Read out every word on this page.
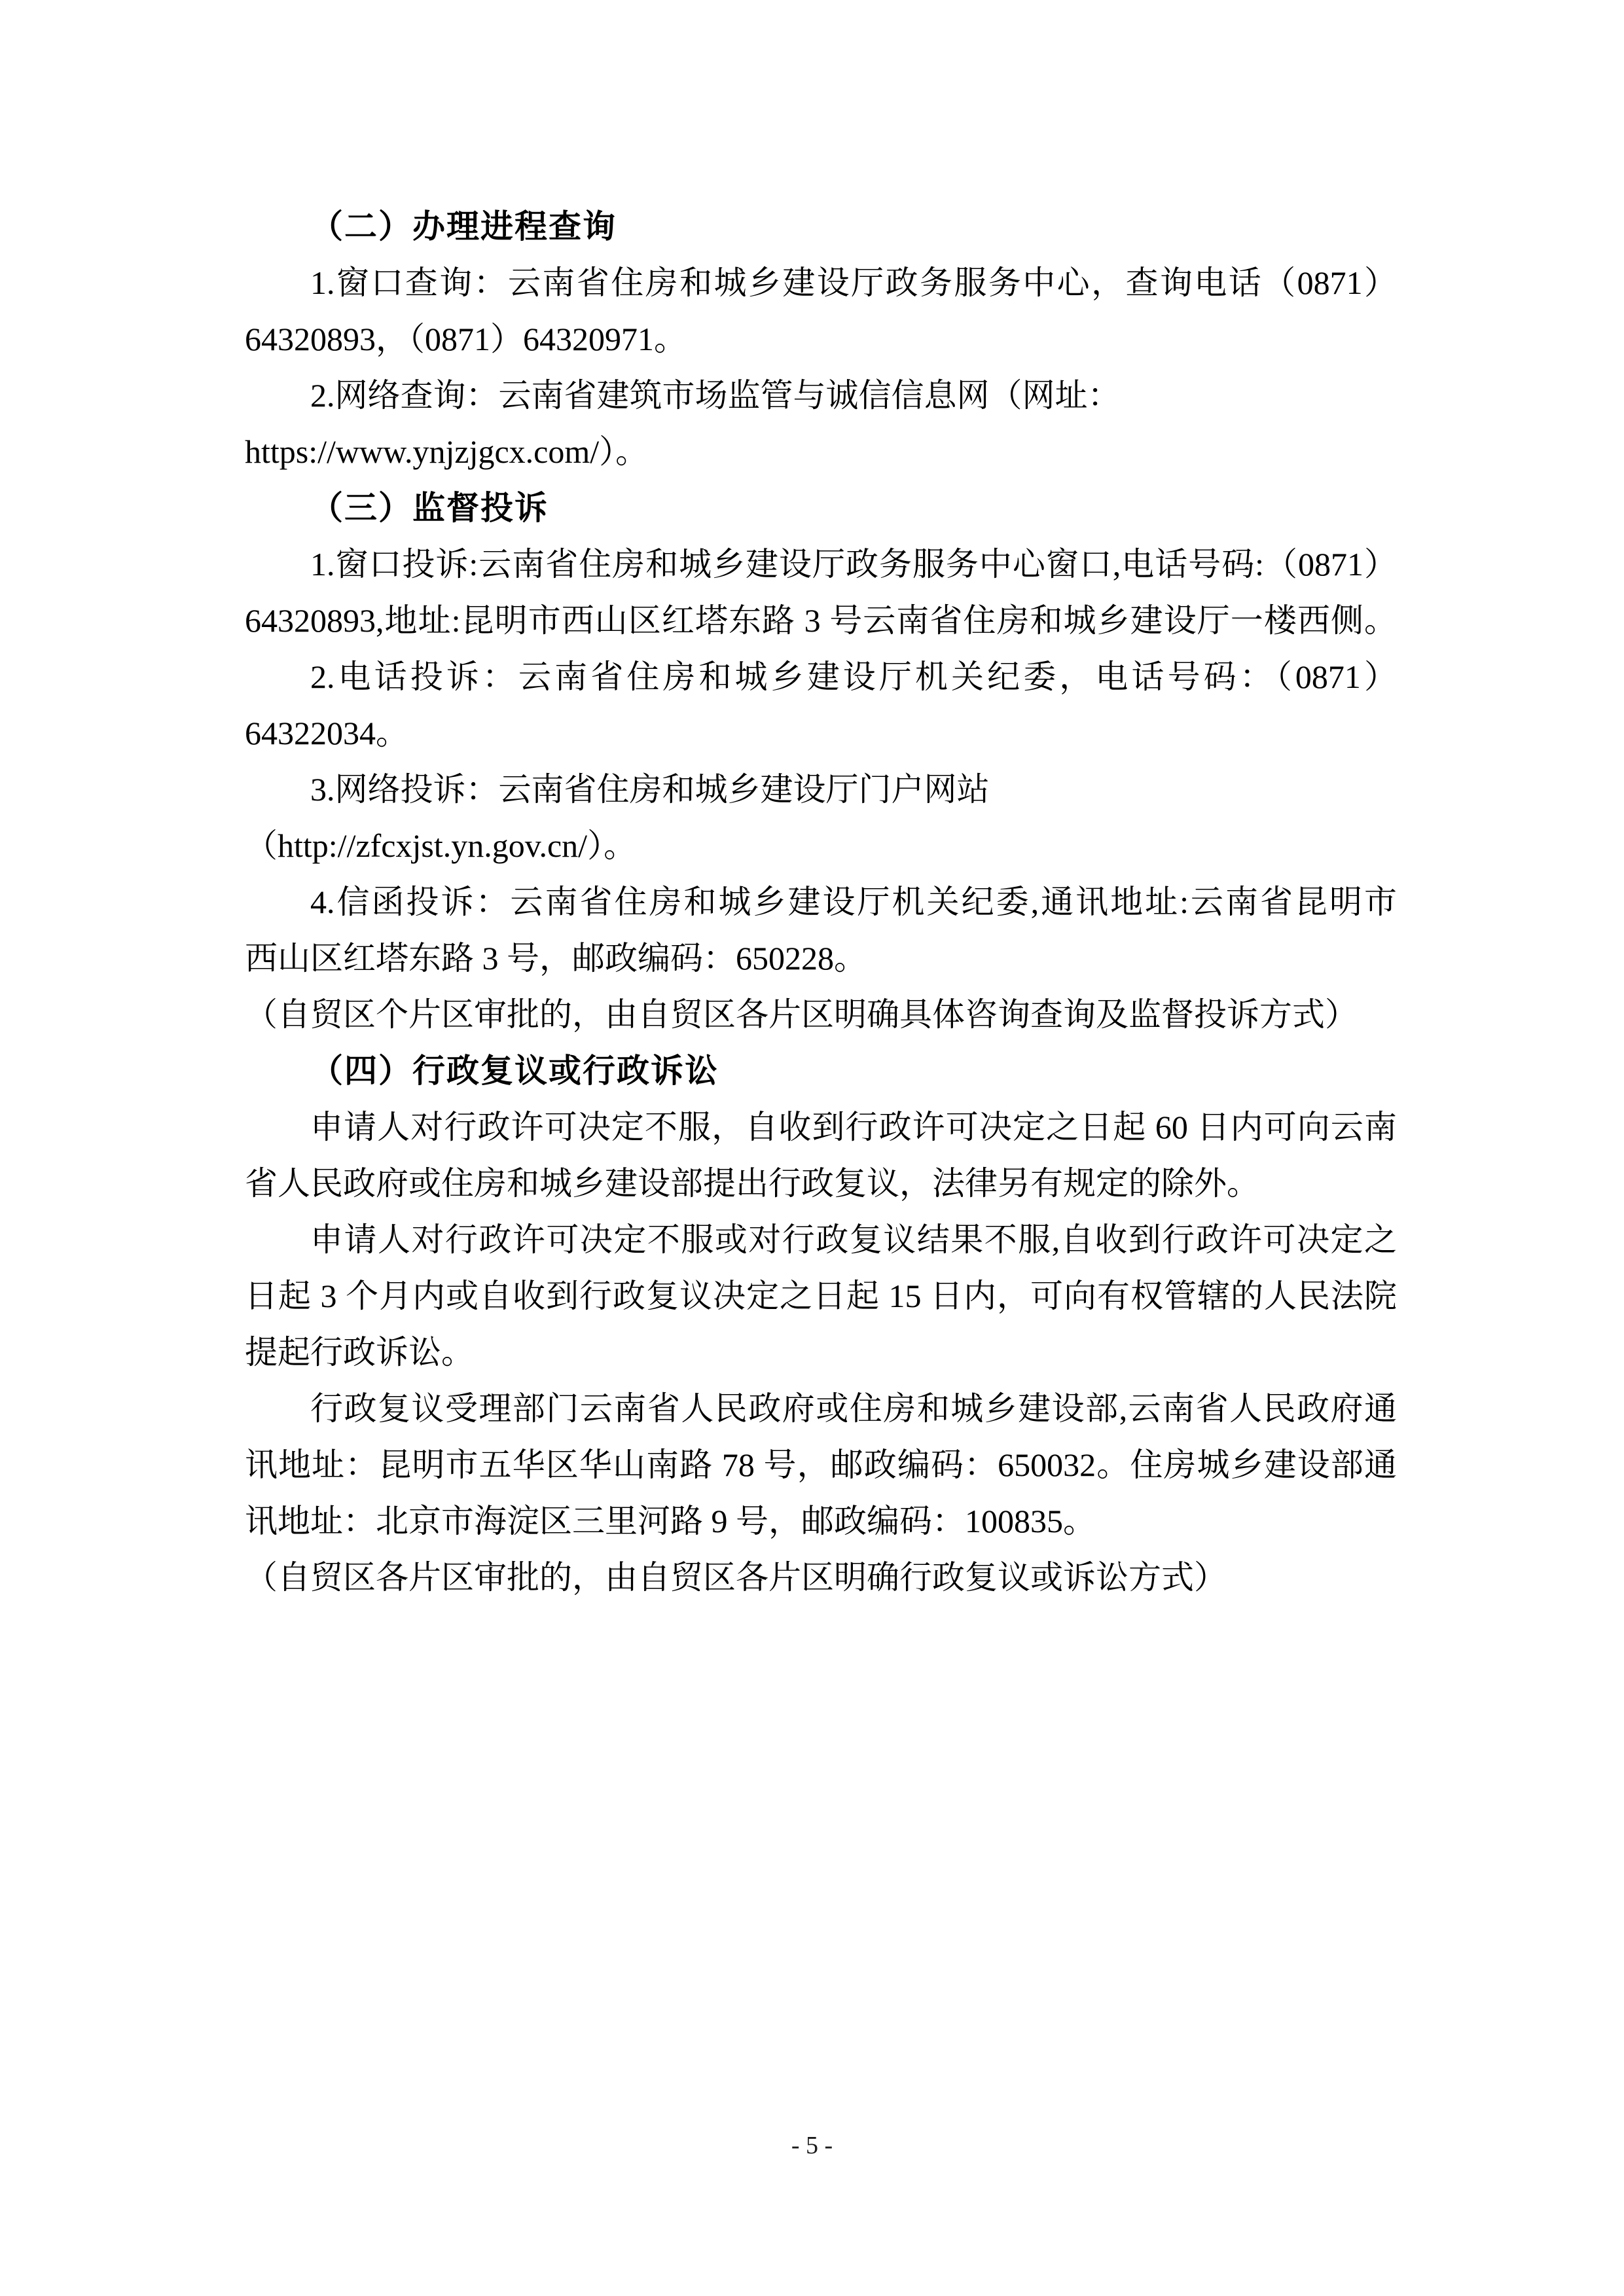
（二）办理进程查询
1.窗口查询：云南省住房和城乡建设厅政务服务中心，查询电话（0871）
64320893，（0871）64320971。
2.网络查询：云南省建筑市场监管与诚信信息网（网址：
https://www.ynjzjgcx.com/）。
（三）监督投诉
1.窗口投诉:云南省住房和城乡建设厅政务服务中心窗口,电话号码:（0871）
64320893,地址:昆明市西山区红塔东路 3 号云南省住房和城乡建设厅一楼西侧。
2.电话投诉：云南省住房和城乡建设厅机关纪委，电话号码：（0871）
64322034。
3.网络投诉：云南省住房和城乡建设厅门户网站
（http://zfcxjst.yn.gov.cn/）。
4.信函投诉：云南省住房和城乡建设厅机关纪委,通讯地址:云南省昆明市
西山区红塔东路 3 号，邮政编码：650228。
（自贸区个片区审批的，由自贸区各片区明确具体咨询查询及监督投诉方式）
（四）行政复议或行政诉讼
申请人对行政许可决定不服，自收到行政许可决定之日起 60 日内可向云南
省人民政府或住房和城乡建设部提出行政复议，法律另有规定的除外。
申请人对行政许可决定不服或对行政复议结果不服,自收到行政许可决定之
日起 3 个月内或自收到行政复议决定之日起 15 日内，可向有权管辖的人民法院
提起行政诉讼。
行政复议受理部门云南省人民政府或住房和城乡建设部,云南省人民政府通
讯地址：昆明市五华区华山南路 78 号，邮政编码：650032。住房城乡建设部通
讯地址：北京市海淀区三里河路 9 号，邮政编码：100835。
（自贸区各片区审批的，由自贸区各片区明确行政复议或诉讼方式）
- 5 -
